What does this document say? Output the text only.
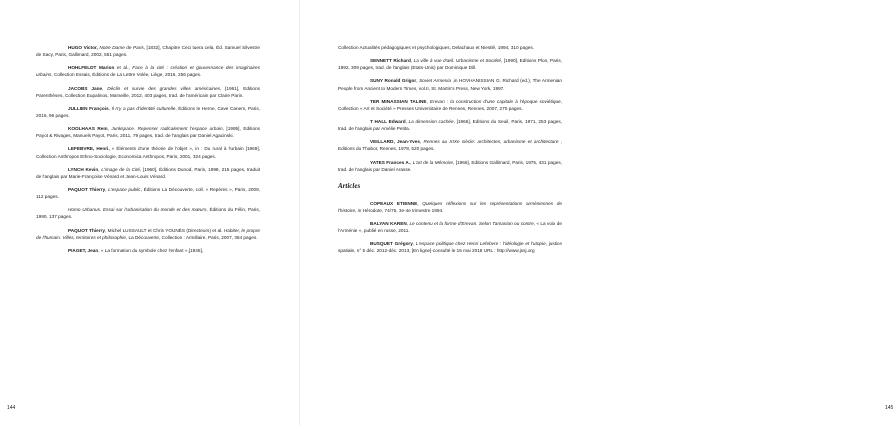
HUGO Victor, Notre Dame de Paris, [1832], Chapitre Ceci tuera cela, Éd. Samuel Silvestre de Sacy, Paris, Gallimard, 2002, 551 pages.

HOHLFELDT Marion et al., Face à la cité : création et gouvernance des imaginaires urbains, Collection Essais, Éditions de La Lettre Volée, Liège, 2016, 256 pages.

JACOBS Jane, Déclin et survie des grandes villes américaines, [1961], Editions Parenthèses, Collection Eupalinos, Marseille, 2012, 403 pages, trad. de l'américain par Claire Parin.

JULLIEN François, Il n'y a pas d'identité culturelle, Éditions le Herne, Cave Canem, Paris, 2016, 96 pages.

KOOLHAAS Rem, Junkspace. Repenser radicalement l'espace urbain, [1995], Editions Payot & Rivages, Manuels Payot, Paris, 2011, 79 pages, trad. de l'anglais par Daniel Agacinski.

LEFEBVRE, Henri, « Éléments d'une théorie de l'objet », in : Du rural à l'urbain [1969], Collection Anthropos Ethno-Sociologie, Economica Anthropos, Paris, 2001, 324 pages.

LYNCH Kevin, L'image de la Cité, [1960], Éditions Dunod, Paris, 1998, 215 pages, traduit de l'anglais par Marie-Françoise Vénard et Jean-Louis Vénard.

PAQUOT Thierry, L'espace public, Éditions La Découverte, coll. « Repères », Paris, 2009, 112 pages.

Homo Urbanus. Essai sur l'urbanisation du monde et des mœurs, Éditions du Félin, Paris, 1990, 137 pages.

PAQUOT Thierry, Michel LUSSAULT et Chris YOUNÈS (Directeurs) et al. Habiter, le propre de l'humain. Villes, territoires et philosophie, La Découverte, Collection : Armillaire, Paris, 2007, 384 pages.

PIAGET, Jean, « La formation du symbole chez l'enfant »,[1945],

144

Collection Actualités pédagogiques et psychologiques, Delachaux et Niestlé, 1994, 310 pages.

SENNETT Richard, La ville à vue d'œil. Urbanisme et Société, [1990], Editions Plon, Paris, 1992, 309 pages, trad. de l'anglais (Etats-Unis) par Dominique Dill.

SUNY Ronald Grigor, Soviet Armenia ,in HOVHANISSIAN G. Richard (ed.), The Armenian People from Ancient to Modern Times, vol.II, St. Martin's Press, New York, 1997.

TER MINASSIAN TALINE, Erevan : la construction d'une capitale à l'époque soviétique, Collection « Art et Société » Presses Universitaire de Rennes, Rennes, 2007, 270 pages.

T HALL Edward, La dimension cachée, [1966], Editions du Seuil, Paris, 1971, 253 pages, trad. de l'anglais par Amélie Petita.

VEILLARD, Jean-Yves, Rennes au XIXe siècle: architectes, urbanisme et architecture , Editions du Thabor, Rennes, 1978, 520 pages.

YATES Frances A., L'art de la Mémoire, [1966], Editions Gallimard, Paris, 1975, 431 pages, trad. de l'anglais par Daniel Arasse.

Articles

COPEAUX ETIENNE, Quelques réflexions sur les représentations arméniennes de l'histoire, in Hérodote, 74/75, 3e-4e trimestre 1994.

BALYAN KAREN, Le contenu et la forme d'Erevan. Selon Tamanian ou contre, « La voix de l'Arménie », publié en russe, 2011.

BUSQUET Grégory, L'espace politique chez Henri Lefebvre : l'idéologie et l'utopie, justice spatiale, n° 5 déc. 2012-déc. 2013, [En ligne]-consulté le 15 mai 2018 URL : http://www.jssj.org

145
